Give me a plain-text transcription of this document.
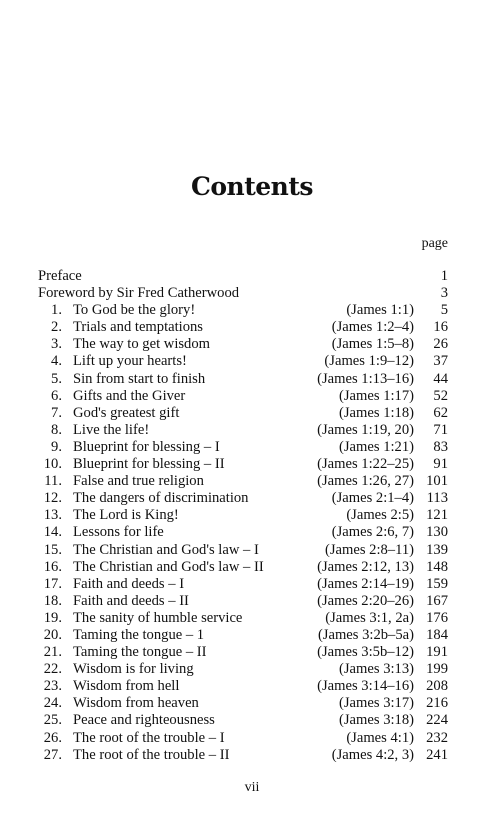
Contents
page
Preface	1
Foreword by Sir Fred Catherwood	3
1. To God be the glory!	(James 1:1) 5
2. Trials and temptations	(James 1:2–4) 16
3. The way to get wisdom	(James 1:5–8) 26
4. Lift up your hearts!	(James 1:9–12) 37
5. Sin from start to finish	(James 1:13–16) 44
6. Gifts and the Giver	(James 1:17) 52
7. God's greatest gift	(James 1:18) 62
8. Live the life!	(James 1:19, 20) 71
9. Blueprint for blessing – I	(James 1:21) 83
10. Blueprint for blessing – II	(James 1:22–25) 91
11. False and true religion	(James 1:26, 27) 101
12. The dangers of discrimination	(James 2:1–4) 113
13. The Lord is King!	(James 2:5) 121
14. Lessons for life	(James 2:6, 7) 130
15. The Christian and God's law – I	(James 2:8–11) 139
16. The Christian and God's law – II	(James 2:12, 13) 148
17. Faith and deeds – I	(James 2:14–19) 159
18. Faith and deeds – II	(James 2:20–26) 167
19. The sanity of humble service	(James 3:1, 2a) 176
20. Taming the tongue – 1	(James 3:2b–5a) 184
21. Taming the tongue – II	(James 3:5b–12) 191
22. Wisdom is for living	(James 3:13) 199
23. Wisdom from hell	(James 3:14–16) 208
24. Wisdom from heaven	(James 3:17) 216
25. Peace and righteousness	(James 3:18) 224
26. The root of the trouble – I	(James 4:1) 232
27. The root of the trouble – II	(James 4:2, 3) 241
vii
